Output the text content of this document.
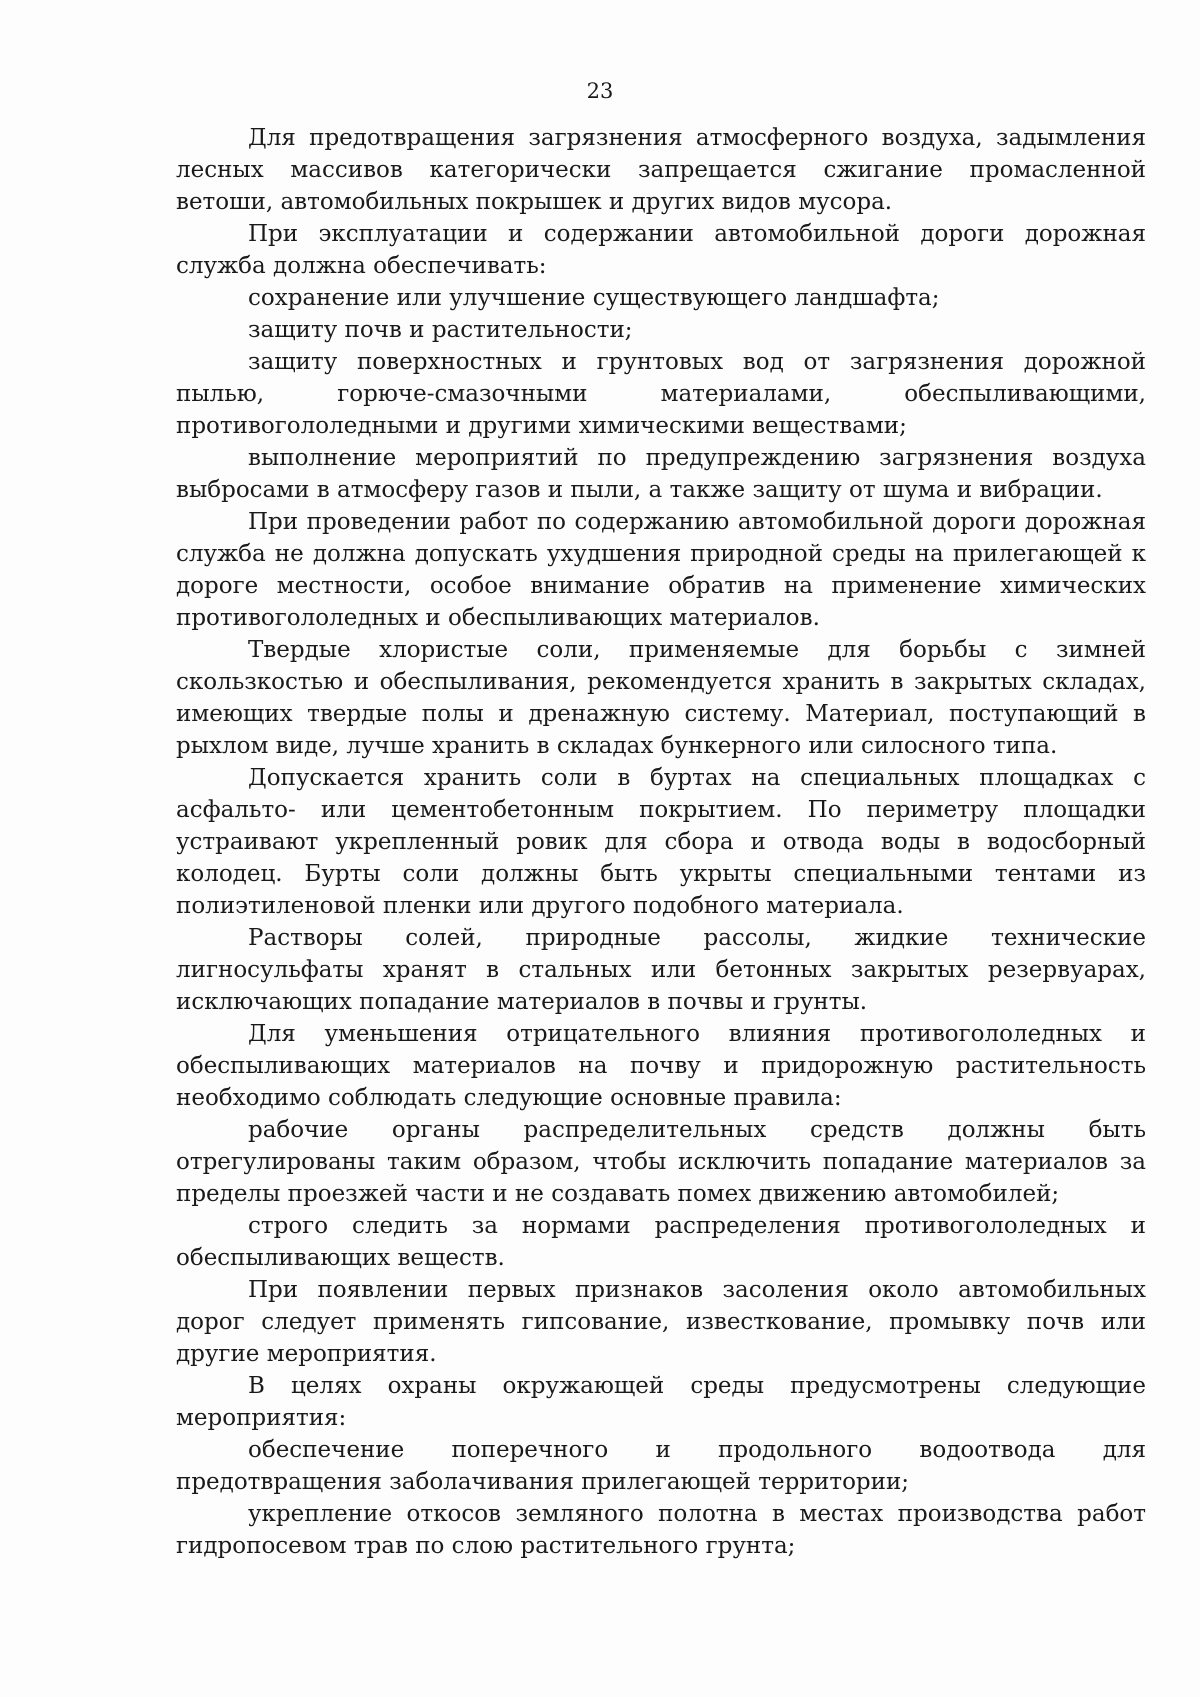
23

Для предотвращения загрязнения атмосферного воздуха, задымления лесных массивов категорически запрещается сжигание промасленной ветоши, автомобильных покрышек и других видов мусора.

При эксплуатации и содержании автомобильной дороги дорожная служба должна обеспечивать:

сохранение или улучшение существующего ландшафта;

защиту почв и растительности;

защиту поверхностных и грунтовых вод от загрязнения дорожной пылью, горюче-смазочными материалами, обеспыливающими, противогололедными и другими химическими веществами;

выполнение мероприятий по предупреждению загрязнения воздуха выбросами в атмосферу газов и пыли, а также защиту от шума и вибрации.

При проведении работ по содержанию автомобильной дороги дорожная служба не должна допускать ухудшения природной среды на прилегающей к дороге местности, особое внимание обратив на применение химических противогололедных и обеспыливающих материалов.

Твердые хлористые соли, применяемые для борьбы с зимней скользкостью и обеспыливания, рекомендуется хранить в закрытых складах, имеющих твердые полы и дренажную систему. Материал, поступающий в рыхлом виде, лучше хранить в складах бункерного или силосного типа.

Допускается хранить соли в буртах на специальных площадках с асфальто- или цементобетонным покрытием. По периметру площадки устраивают укрепленный ровик для сбора и отвода воды в водосборный колодец. Бурты соли должны быть укрыты специальными тентами из полиэтиленовой пленки или другого подобного материала.

Растворы солей, природные рассолы, жидкие технические лигносульфаты хранят в стальных или бетонных закрытых резервуарах, исключающих попадание материалов в почвы и грунты.

Для уменьшения отрицательного влияния противогололедных и обеспыливающих материалов на почву и придорожную растительность необходимо соблюдать следующие основные правила:

рабочие органы распределительных средств должны быть отрегулированы таким образом, чтобы исключить попадание материалов за пределы проезжей части и не создавать помех движению автомобилей;

строго следить за нормами распределения противогололедных и обеспыливающих веществ.

При появлении первых признаков засоления около автомобильных дорог следует применять гипсование, известкование, промывку почв или другие мероприятия.

В целях охраны окружающей среды предусмотрены следующие мероприятия:

обеспечение поперечного и продольного водоотвода для предотвращения заболачивания прилегающей территории;

укрепление откосов земляного полотна в местах производства работ гидропосевом трав по слою растительного грунта;
